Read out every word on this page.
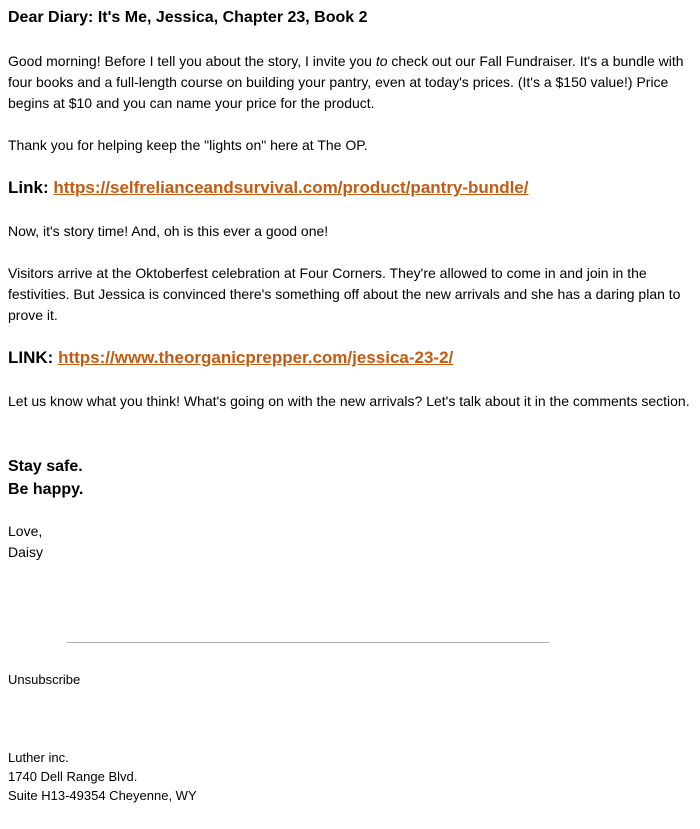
Dear Diary: It's Me, Jessica, Chapter 23, Book 2

Good morning! Before I tell you about the story, I invite you to check out our Fall Fundraiser. It's a bundle with four books and a full-length course on building your pantry, even at today's prices. (It's a $150 value!) Price begins at $10 and you can name your price for the product.

Thank you for helping keep the "lights on" here at The OP.

Link: https://selfrelianceandsurvival.com/product/pantry-bundle/

Now, it's story time! And, oh is this ever a good one!

Visitors arrive at the Oktoberfest celebration at Four Corners. They're allowed to come in and join in the festivities. But Jessica is convinced there's something off about the new arrivals and she has a daring plan to prove it.

LINK: https://www.theorganicprepper.com/jessica-23-2/

Let us know what you think! What's going on with the new arrivals? Let's talk about it in the comments section.

Stay safe.
Be happy.

Love,
Daisy

Unsubscribe

Luther inc.
1740 Dell Range Blvd.
Suite H13-49354 Cheyenne, WY
